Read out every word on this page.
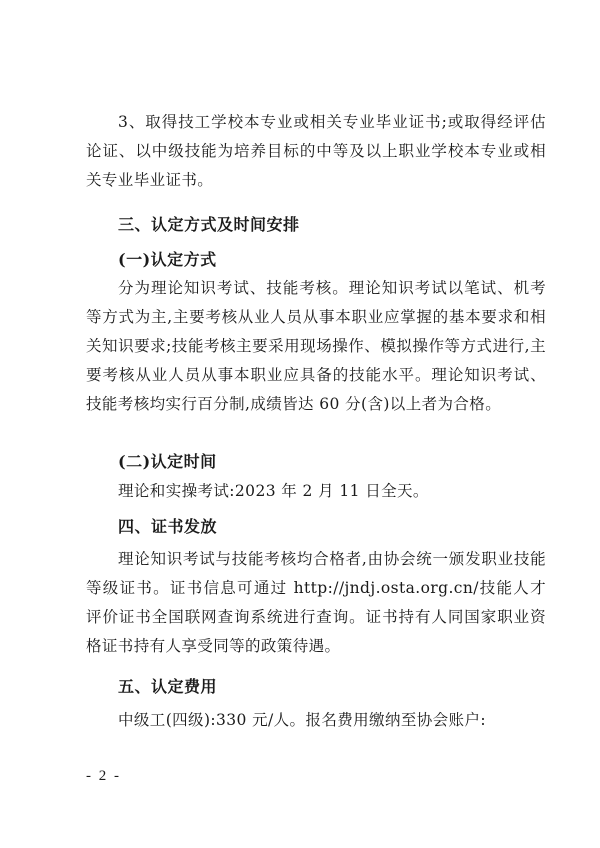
3、取得技工学校本专业或相关专业毕业证书;或取得经评估论证、以中级技能为培养目标的中等及以上职业学校本专业或相关专业毕业证书。
三、认定方式及时间安排
(一)认定方式
分为理论知识考试、技能考核。理论知识考试以笔试、机考等方式为主,主要考核从业人员从事本职业应掌握的基本要求和相关知识要求;技能考核主要采用现场操作、模拟操作等方式进行,主要考核从业人员从事本职业应具备的技能水平。理论知识考试、技能考核均实行百分制,成绩皆达 60 分(含)以上者为合格。
(二)认定时间
理论和实操考试:2023 年 2 月 11 日全天。
四、证书发放
理论知识考试与技能考核均合格者,由协会统一颁发职业技能等级证书。证书信息可通过 http://jndj.osta.org.cn/技能人才评价证书全国联网查询系统进行查询。证书持有人同国家职业资格证书持有人享受同等的政策待遇。
五、认定费用
中级工(四级):330 元/人。报名费用缴纳至协会账户:
- 2 -
